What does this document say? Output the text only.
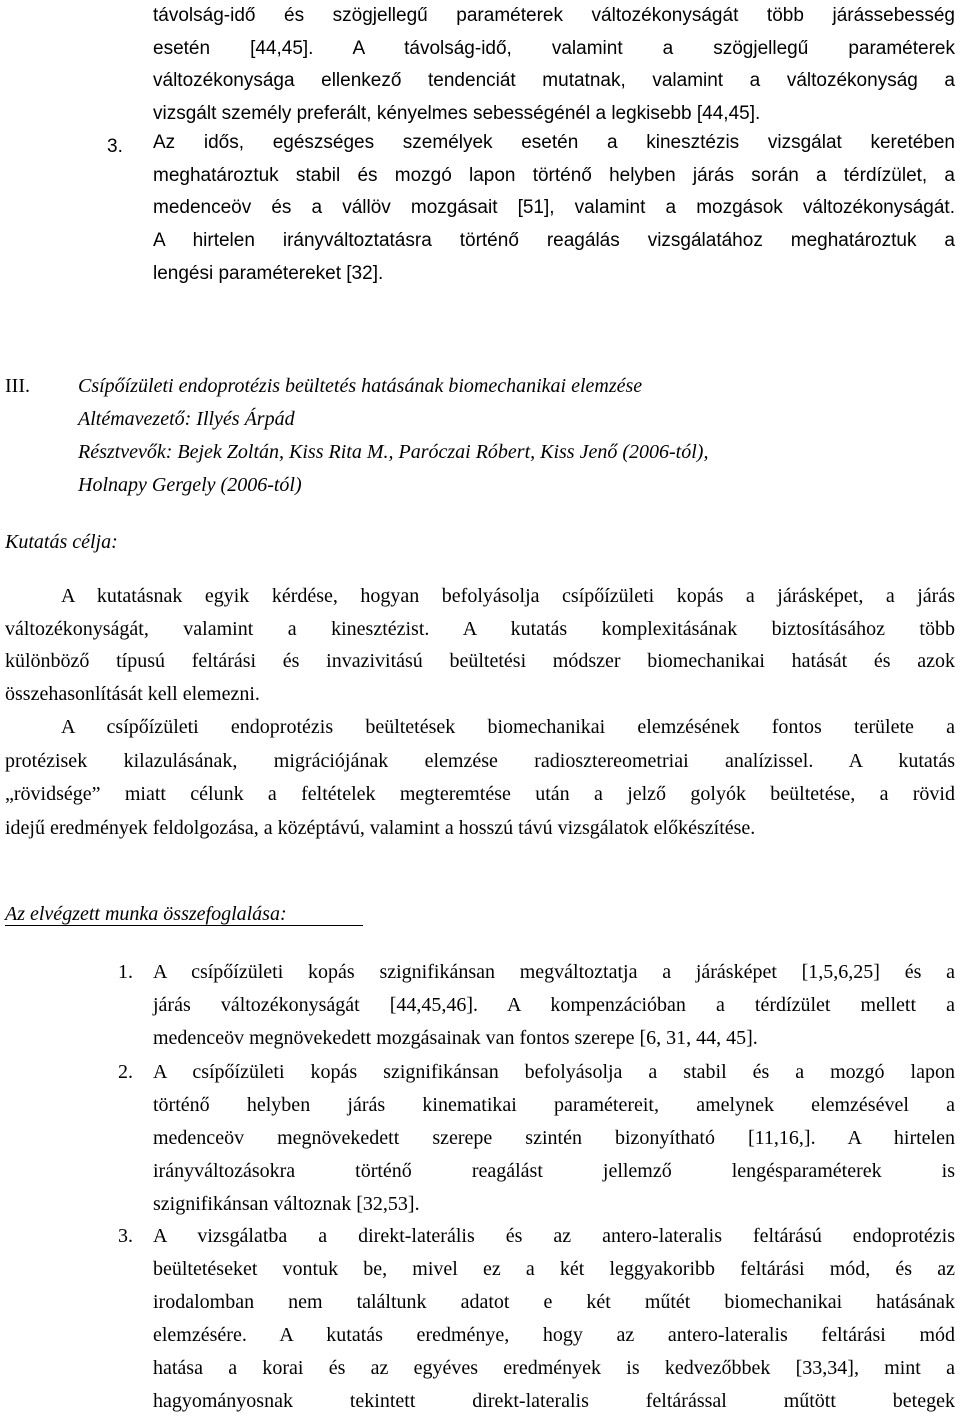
távolság-idő és szögjellegű paraméterek változékonyságát több járássebesség
esetén [44,45]. A távolság-idő, valamint a szögjellegű paraméterek
változékonysága ellenkező tendenciát mutatnak, valamint a változékonyság a
vizsgált személy preferált, kényelmes sebességénél a legkisebb [44,45].
3. Az idős, egészséges személyek esetén a kinesztézis vizsgálat keretében
meghatároztuk stabil és mozgó lapon történő helyben járás során a térdízület, a
medenceöv és a vállöv mozgásait [51], valamint a mozgások változékonyságát.
A hirtelen irányváltoztatásra történő reagálás vizsgálatához meghatároztuk a
lengési paramétereket [32].
III. Csípőízületi endoprotézis beültetés hatásának biomechanikai elemzése
Altémavezető: Illyés Árpád
Résztvevők: Bejek Zoltán, Kiss Rita M., Paróczai Róbert, Kiss Jenő (2006-tól),
Holnapy Gergely (2006-tól)
Kutatás célja:
A kutatásnak egyik kérdése, hogyan befolyásolja csípőízületi kopás a járásképet, a járás
változékonyságát, valamint a kinesztézist. A kutatás komplexitásának biztosításához több
különböző típusú feltárási és invazivitású beültetési módszer biomechanikai hatását és azok
összehasonlítását kell elemezni.
A csípőízületi endoprotézis beültetések biomechanikai elemzésének fontos területe a
protézisek kilazulásának, migrációjának elemzése radiosztereometriai analízissel. A kutatás
„rövidsége” miatt célunk a feltételek megteremtése után a jelző golyók beültetése, a rövid
idejű eredmények feldolgozása, a középtávú, valamint a hosszú távú vizsgálatok előkészítése.
Az elvégzett munka összefoglalása:
1. A csípőízületi kopás szignifikánsan megváltoztatja a járásképet [1,5,6,25] és a
járás változékonyságát [44,45,46]. A kompenzációban a térdízület mellett a
medenceöv megnövekedett mozgásainak van fontos szerepe [6, 31, 44, 45].
2. A csípőízületi kopás szignifikánsan befolyásolja a stabil és a mozgó lapon
történő helyben járás kinematikai paramétereit, amelynek elemzésével a
medenceöv megnövekedett szerepe szintén bizonyítható [11,16,]. A hirtelen
irányváltozásokra történő reagálást jellemző lengésparaméterek is
szignifikánsan változnak [32,53].
3. A vizsgálatba a direkt-laterális és az antero-lateralis feltárású endoprotézis
beültetéseket vontuk be, mivel ez a két leggyakoribb feltárási mód, és az
irodalomban nem találtunk adatot e két műtét biomechanikai hatásának
elemzésére. A kutatás eredménye, hogy az antero-lateralis feltárási mód
hatása a korai és az egyéves eredmények is kedvezőbbek [33,34], mint a
hagyományosnak tekintett direkt-lateralis feltárással műtött betegek
